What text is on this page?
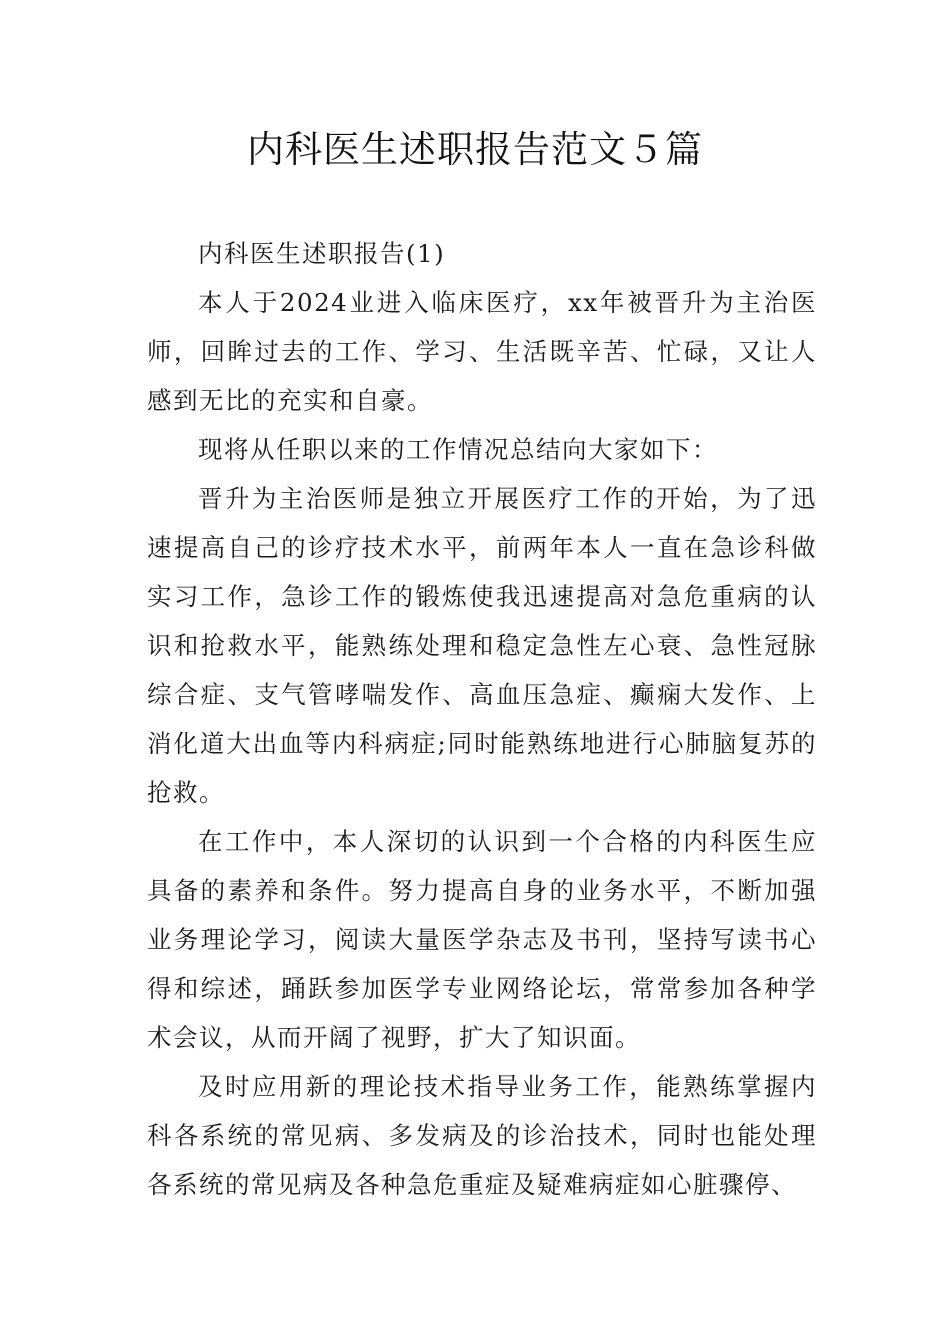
内科医生述职报告范文５篇

内科医生述职报告(1)

本人于2024业进入临床医疗，xx年被晋升为主治医师，回眸过去的工作、学习、生活既辛苦、忙碌，又让人感到无比的充实和自豪。

现将从任职以来的工作情况总结向大家如下：

晋升为主治医师是独立开展医疗工作的开始，为了迅速提高自己的诊疗技术水平，前两年本人一直在急诊科做实习工作，急诊工作的锻炼使我迅速提高对急危重病的认识和抢救水平，能熟练处理和稳定急性左心衰、急性冠脉综合症、支气管哮喘发作、高血压急症、癫痫大发作、上消化道大出血等内科病症;同时能熟练地进行心肺脑复苏的抢救。

在工作中，本人深切的认识到一个合格的内科医生应具备的素养和条件。努力提高自身的业务水平，不断加强业务理论学习，阅读大量医学杂志及书刊，坚持写读书心得和综述，踊跃参加医学专业网络论坛，常常参加各种学术会议，从而开阔了视野，扩大了知识面。

及时应用新的理论技术指导业务工作，能熟练掌握内科各系统的常见病、多发病及的诊治技术，同时也能处理各系统的常见病及各种急危重症及疑难病症如心脏骤停、
